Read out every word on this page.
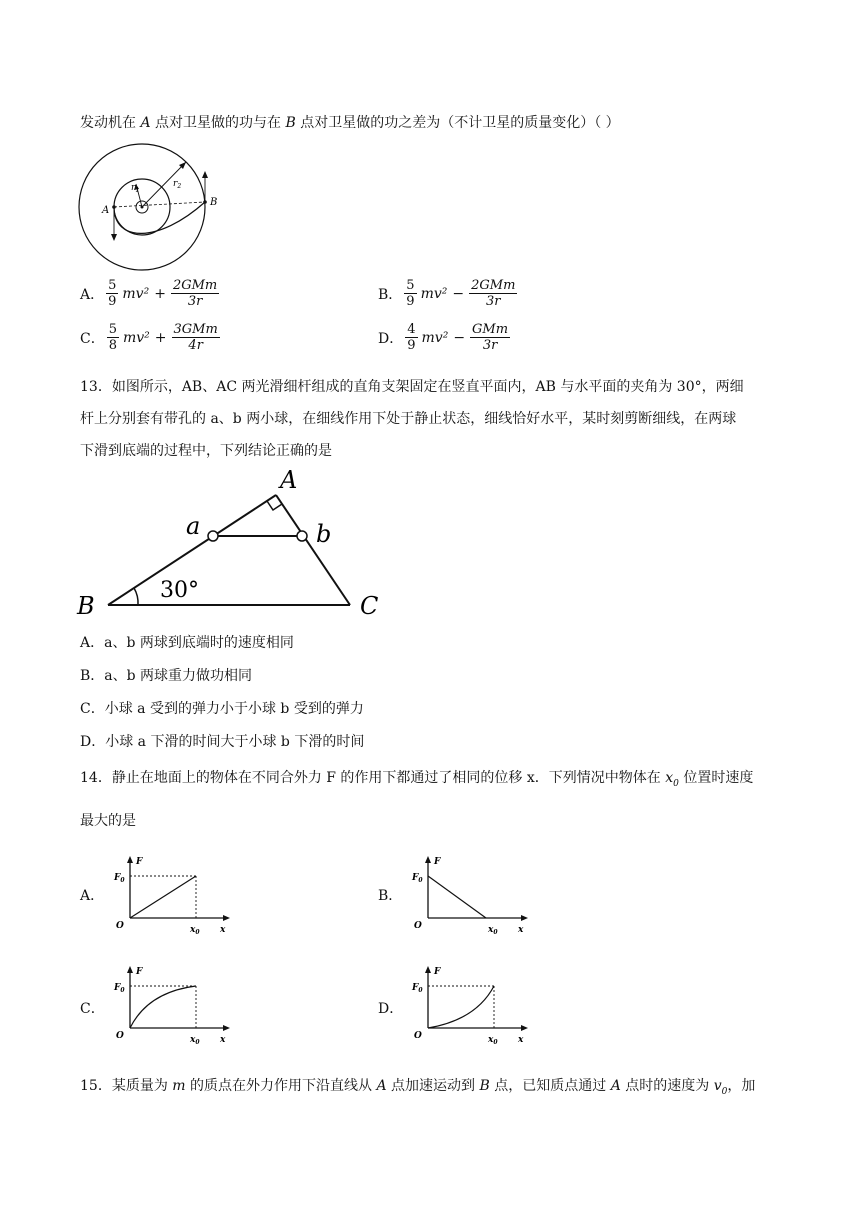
发动机在 A 点对卫星做的功与在 B 点对卫星做的功之差为（不计卫星的质量变化）（ ）
$r_1$
$r_2$
A
B
A． $\frac{5}{9} mv^2 + \frac{\text{2GMm}}{3r}$	B． $\frac{5}{9} mv^2 - \frac{\text{2GMm}}{3r}$
C． $\frac{5}{8} mv^2 + \frac{\text{3GMm}}{4r}$	D． $\frac{4}{9} mv^2 - \frac{\text{GMm}}{3r}$
13．如图所示，AB、AC 两光滑细杆组成的直角支架固定在竖直平面内，AB 与水平面的夹角为 30°，两细
杆上分别套有带孔的 a、b 两小球，在细线作用下处于静止状态，细线恰好水平，某时刻剪断细线，在两球
下滑到底端的过程中，下列结论正确的是
A
B	C
a	b
30°
A．a、b 两球到底端时的速度相同
B．a、b 两球重力做功相同
C．小球 a 受到的弹力小于小球 b 受到的弹力
D．小球 a 下滑的时间大于小球 b 下滑的时间
14．静止在地面上的物体在不同合外力 F 的作用下都通过了相同的位移 x．下列情况中物体在 $x_0$ 位置时速度
最大的是
A．
F
$F_0$
O	$x_0$ x
B．
F
$F_0$
O	$x_0$ x
C．
F
$F_0$
O	$x_0$ x
D．
F
$F_0$
O	$x_0$ x
15．某质量为 m 的质点在外力作用下沿直线从 A 点加速运动到 B 点，已知质点通过 A 点时的速度为 $v_0$，加
